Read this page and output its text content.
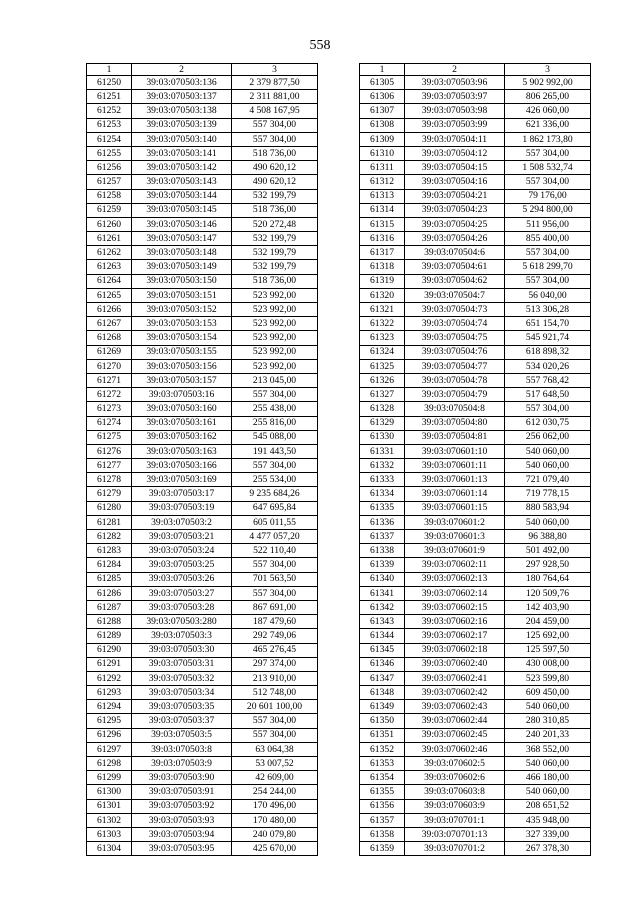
558
1	2	3
61250	39:03:070503:136	2 379 877,50
61251	39:03:070503:137	2 311 881,00
61252	39:03:070503:138	4 508 167,95
61253	39:03:070503:139	557 304,00
61254	39:03:070503:140	557 304,00
61255	39:03:070503:141	518 736,00
61256	39:03:070503:142	490 620,12
61257	39:03:070503:143	490 620,12
61258	39:03:070503:144	532 199,79
61259	39:03:070503:145	518 736,00
61260	39:03:070503:146	520 272,48
61261	39:03:070503:147	532 199,79
61262	39:03:070503:148	532 199,79
61263	39:03:070503:149	532 199,79
61264	39:03:070503:150	518 736,00
61265	39:03:070503:151	523 992,00
61266	39:03:070503:152	523 992,00
61267	39:03:070503:153	523 992,00
61268	39:03:070503:154	523 992,00
61269	39:03:070503:155	523 992,00
61270	39:03:070503:156	523 992,00
61271	39:03:070503:157	213 045,00
61272	39:03:070503:16	557 304,00
61273	39:03:070503:160	255 438,00
61274	39:03:070503:161	255 816,00
61275	39:03:070503:162	545 088,00
61276	39:03:070503:163	191 443,50
61277	39:03:070503:166	557 304,00
61278	39:03:070503:169	255 534,00
61279	39:03:070503:17	9 235 684,26
61280	39:03:070503:19	647 695,84
61281	39:03:070503:2	605 011,55
61282	39:03:070503:21	4 477 057,20
61283	39:03:070503:24	522 110,40
61284	39:03:070503:25	557 304,00
61285	39:03:070503:26	701 563,50
61286	39:03:070503:27	557 304,00
61287	39:03:070503:28	867 691,00
61288	39:03:070503:280	187 479,60
61289	39:03:070503:3	292 749,06
61290	39:03:070503:30	465 276,45
61291	39:03:070503:31	297 374,00
61292	39:03:070503:32	213 910,00
61293	39:03:070503:34	512 748,00
61294	39:03:070503:35	20 601 100,00
61295	39:03:070503:37	557 304,00
61296	39:03:070503:5	557 304,00
61297	39:03:070503:8	63 064,38
61298	39:03:070503:9	53 007,52
61299	39:03:070503:90	42 609,00
61300	39:03:070503:91	254 244,00
61301	39:03:070503:92	170 496,00
61302	39:03:070503:93	170 480,00
61303	39:03:070503:94	240 079,80
61304	39:03:070503:95	425 670,00
1	2	3
61305	39:03:070503:96	5 902 992,00
61306	39:03:070503:97	806 265,00
61307	39:03:070503:98	426 060,00
61308	39:03:070503:99	621 336,00
61309	39:03:070504:11	1 862 173,80
61310	39:03:070504:12	557 304,00
61311	39:03:070504:15	1 508 532,74
61312	39:03:070504:16	557 304,00
61313	39:03:070504:21	79 176,00
61314	39:03:070504:23	5 294 800,00
61315	39:03:070504:25	511 956,00
61316	39:03:070504:26	855 400,00
61317	39:03:070504:6	557 304,00
61318	39:03:070504:61	5 618 299,70
61319	39:03:070504:62	557 304,00
61320	39:03:070504:7	56 040,00
61321	39:03:070504:73	513 306,28
61322	39:03:070504:74	651 154,70
61323	39:03:070504:75	545 921,74
61324	39:03:070504:76	618 898,32
61325	39:03:070504:77	534 020,26
61326	39:03:070504:78	557 768,42
61327	39:03:070504:79	517 648,50
61328	39:03:070504:8	557 304,00
61329	39:03:070504:80	612 030,75
61330	39:03:070504:81	256 062,00
61331	39:03:070601:10	540 060,00
61332	39:03:070601:11	540 060,00
61333	39:03:070601:13	721 079,40
61334	39:03:070601:14	719 778,15
61335	39:03:070601:15	880 583,94
61336	39:03:070601:2	540 060,00
61337	39:03:070601:3	96 388,80
61338	39:03:070601:9	501 492,00
61339	39:03:070602:11	297 928,50
61340	39:03:070602:13	180 764,64
61341	39:03:070602:14	120 509,76
61342	39:03:070602:15	142 403,90
61343	39:03:070602:16	204 459,00
61344	39:03:070602:17	125 692,00
61345	39:03:070602:18	125 597,50
61346	39:03:070602:40	430 008,00
61347	39:03:070602:41	523 599,80
61348	39:03:070602:42	609 450,00
61349	39:03:070602:43	540 060,00
61350	39:03:070602:44	280 310,85
61351	39:03:070602:45	240 201,33
61352	39:03:070602:46	368 552,00
61353	39:03:070602:5	540 060,00
61354	39:03:070602:6	466 180,00
61355	39:03:070603:8	540 060,00
61356	39:03:070603:9	208 651,52
61357	39:03:070701:1	435 948,00
61358	39:03:070701:13	327 339,00
61359	39:03:070701:2	267 378,30
